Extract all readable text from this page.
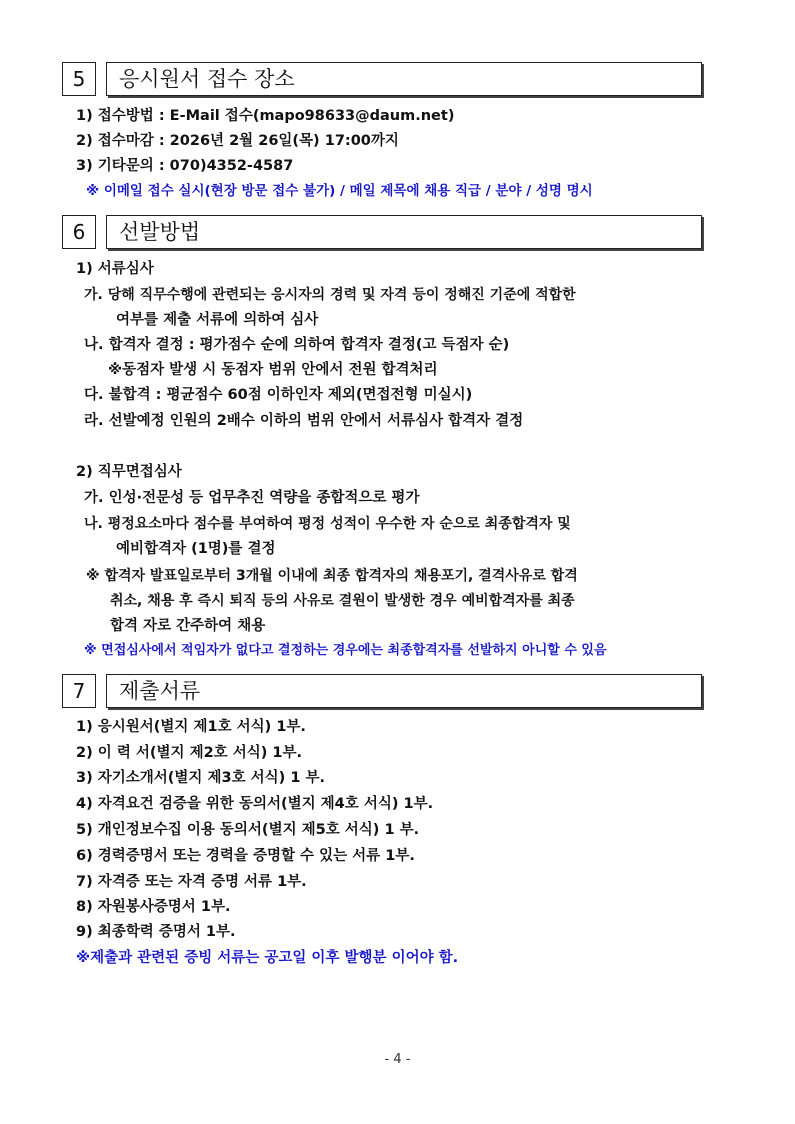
5	응시원서 접수 장소
1) 접수방법 : E-Mail 접수(mapo98633@daum.net)
2) 접수마감 : 2026년 2월 26일(목) 17:00까지
3) 기타문의 : 070)4352-4587
※ 이메일 접수 실시(현장 방문 접수 불가) / 메일 제목에 채용 직급 / 분야 / 성명 명시
6	선발방법
1) 서류심사
가. 당해 직무수행에 관련되는 응시자의 경력 및 자격 등이 정해진 기준에 적합한
여부를 제출 서류에 의하여 심사
나. 합격자 결정 : 평가점수 순에 의하여 합격자 결정(고 득점자 순)
※동점자 발생 시 동점자 범위 안에서 전원 합격처리
다. 불합격 : 평균점수 60점 이하인자 제외(면접전형 미실시)
라. 선발예정 인원의 2배수 이하의 범위 안에서 서류심사 합격자 결정
2) 직무면접심사
가. 인성·전문성 등 업무추진 역량을 종합적으로 평가
나. 평정요소마다 점수를 부여하여 평정 성적이 우수한 자 순으로 최종합격자 및
예비합격자 (1명)를 결정
※ 합격자 발표일로부터 3개월 이내에 최종 합격자의 채용포기, 결격사유로 합격
취소, 채용 후 즉시 퇴직 등의 사유로 결원이 발생한 경우 예비합격자를 최종
합격 자로 간주하여 채용
※ 면접심사에서 적임자가 없다고 결정하는 경우에는 최종합격자를 선발하지 아니할 수 있음
7	제출서류
1) 응시원서(별지 제1호 서식) 1부.
2) 이 력 서(별지 제2호 서식) 1부.
3) 자기소개서(별지 제3호 서식) 1 부.
4) 자격요건 검증을 위한 동의서(별지 제4호 서식) 1부.
5) 개인정보수집 이용 동의서(별지 제5호 서식) 1 부.
6) 경력증명서 또는 경력을 증명할 수 있는 서류 1부.
7) 자격증 또는 자격 증명 서류 1부.
8) 자원봉사증명서 1부.
9) 최종학력 증명서 1부.
※제출과 관련된 증빙 서류는 공고일 이후 발행분 이어야 함.
- 4 -
